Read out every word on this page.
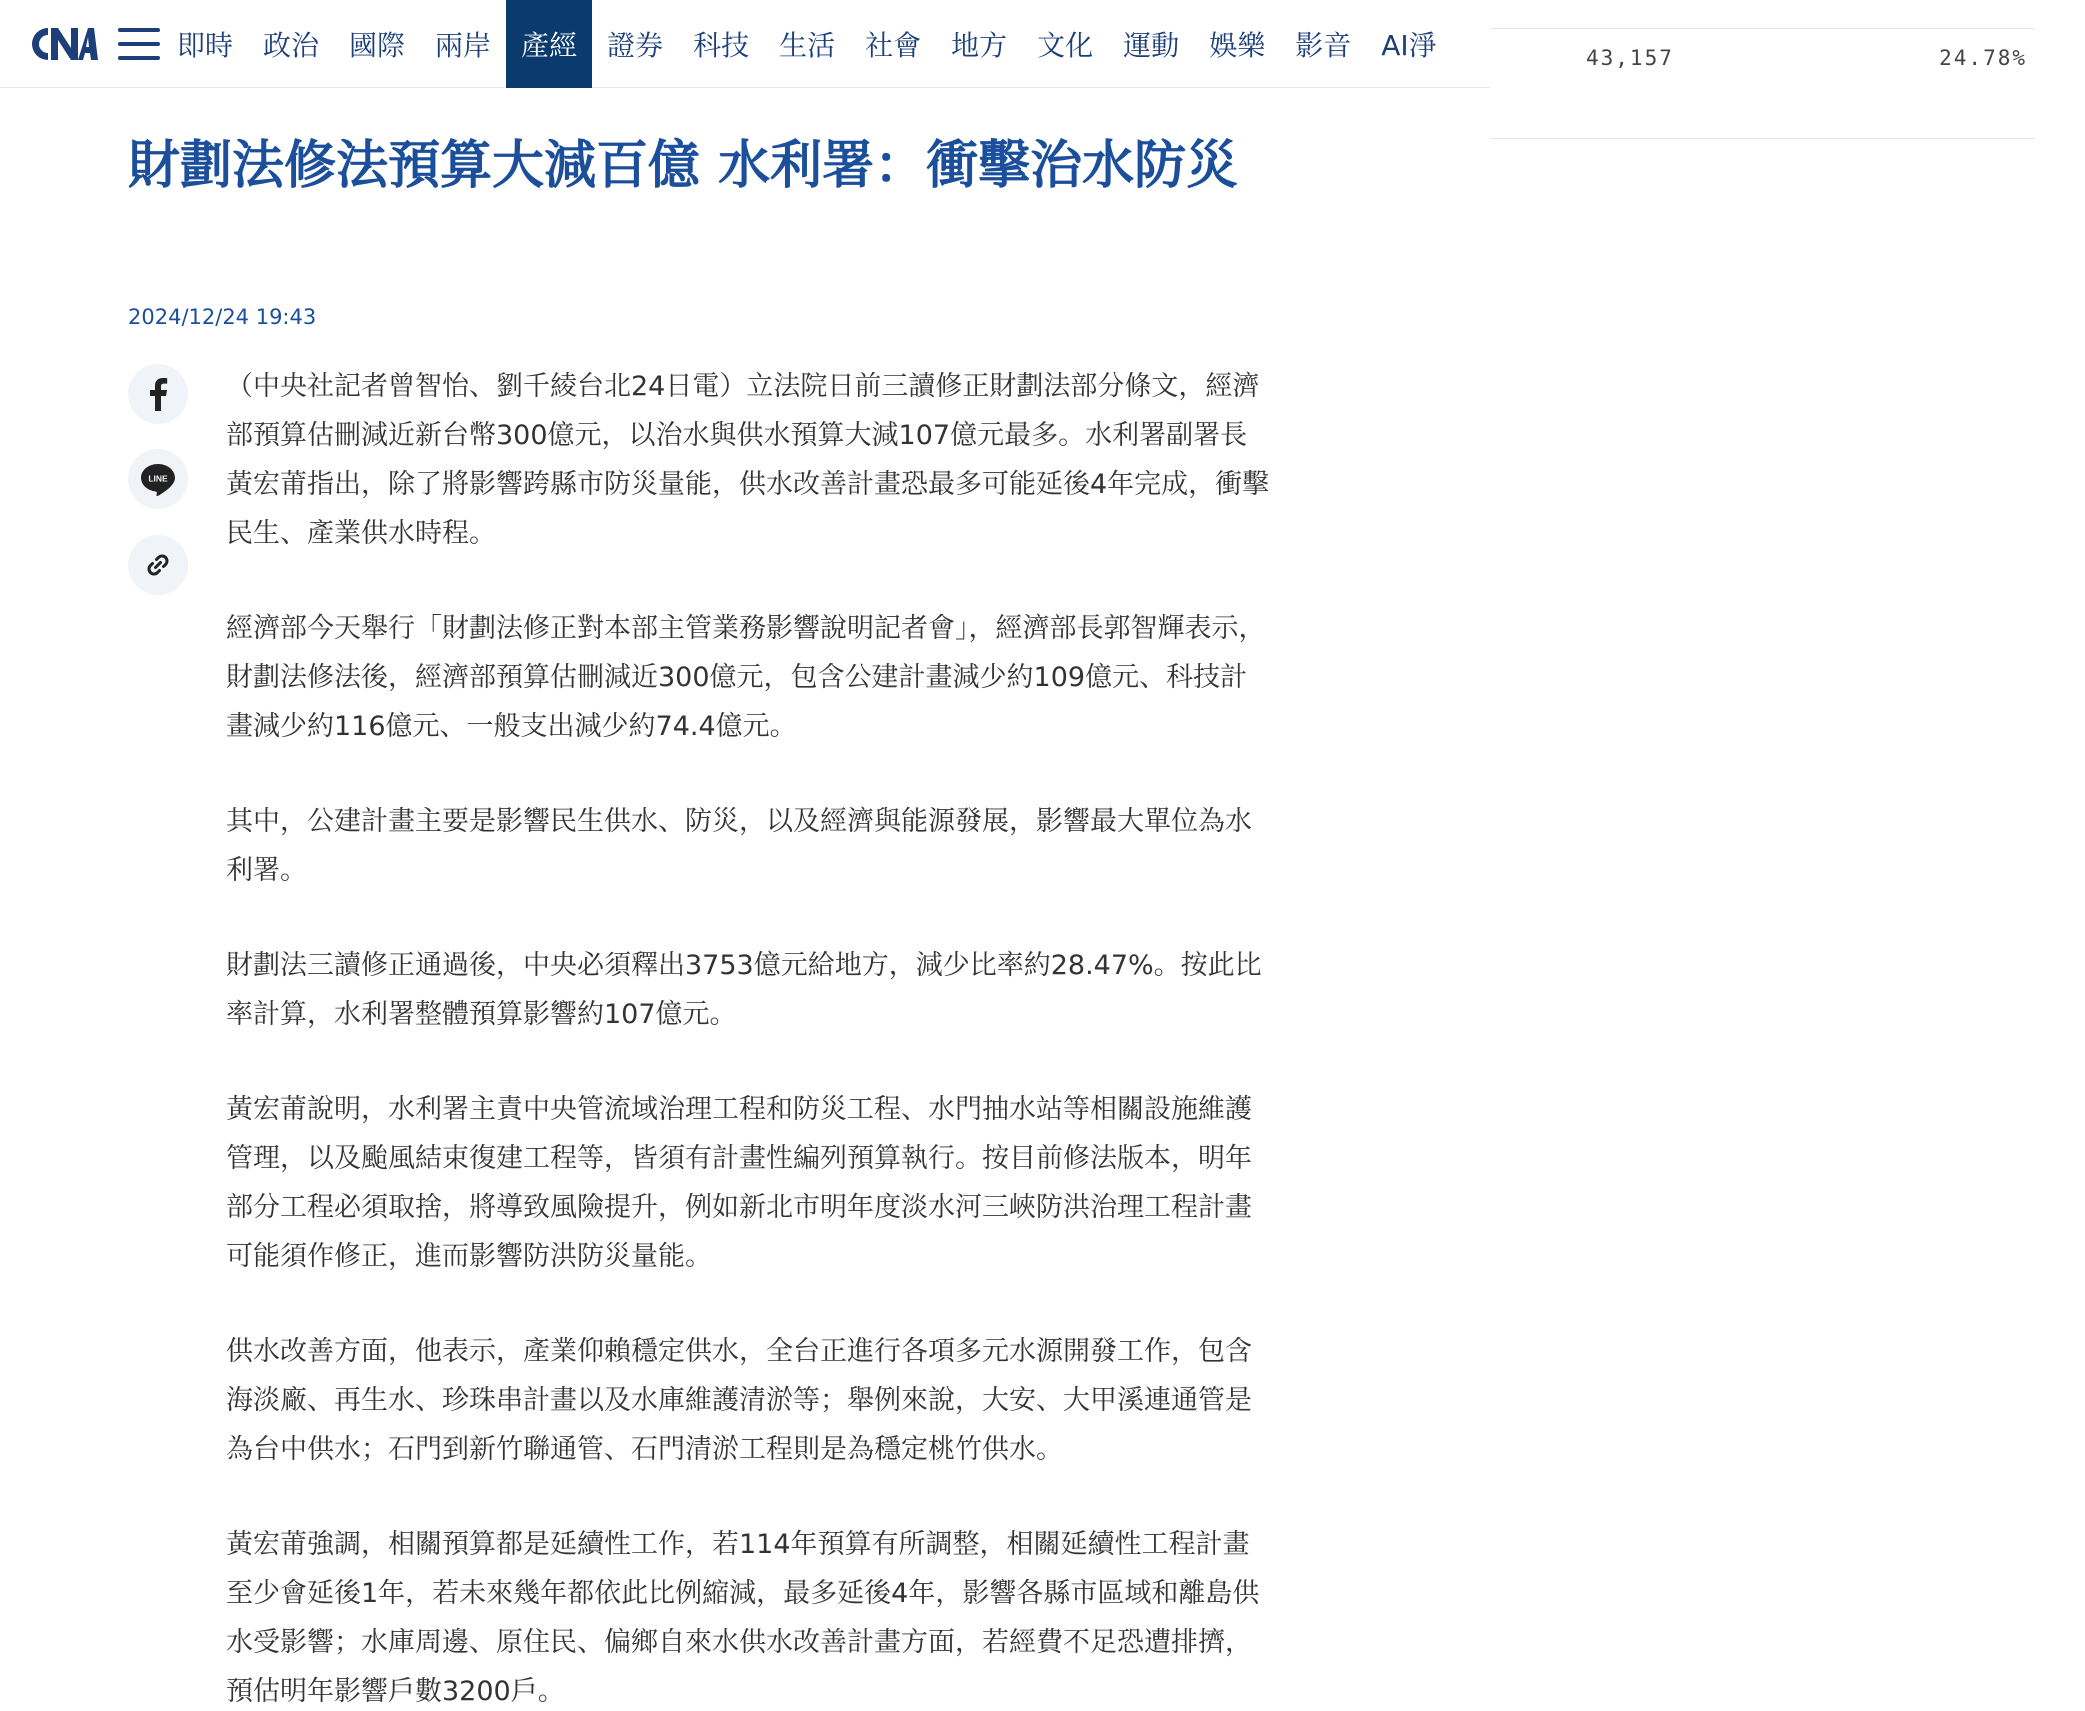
即時	政治	國際	兩岸	產經	證券	科技	生活	社會	地方	文化	運動	娛樂	影音	AI淨	43,157	24.78%
財劃法修法預算大減百億 水利署：衝擊治水防災
2024/12/24 19:43
LINE

（中央社記者曾智怡、劉千綾台北24日電）立法院日前三讀修正財劃法部分條文，經濟部預算估刪減近新台幣300億元，以治水與供水預算大減107億元最多。水利署副署長黃宏莆指出，除了將影響跨縣市防災量能，供水改善計畫恐最多可能延後4年完成，衝擊民生、產業供水時程。

經濟部今天舉行「財劃法修正對本部主管業務影響說明記者會」，經濟部長郭智輝表示，財劃法修法後，經濟部預算估刪減近300億元，包含公建計畫減少約109億元、科技計畫減少約116億元、一般支出減少約74.4億元。

其中，公建計畫主要是影響民生供水、防災，以及經濟與能源發展，影響最大單位為水利署。

財劃法三讀修正通過後，中央必須釋出3753億元給地方，減少比率約28.47%。按此比率計算，水利署整體預算影響約107億元。

黃宏莆說明，水利署主責中央管流域治理工程和防災工程、水門抽水站等相關設施維護管理，以及颱風結束復建工程等，皆須有計畫性編列預算執行。按目前修法版本，明年部分工程必須取捨，將導致風險提升，例如新北市明年度淡水河三峽防洪治理工程計畫可能須作修正，進而影響防洪防災量能。

供水改善方面，他表示，產業仰賴穩定供水，全台正進行各項多元水源開發工作，包含海淡廠、再生水、珍珠串計畫以及水庫維護清淤等；舉例來說，大安、大甲溪連通管是為台中供水；石門到新竹聯通管、石門清淤工程則是為穩定桃竹供水。

黃宏莆強調，相關預算都是延續性工作，若114年預算有所調整，相關延續性工程計畫至少會延後1年，若未來幾年都依此比例縮減，最多延後4年，影響各縣市區域和離島供水受影響；水庫周邊、原住民、偏鄉自來水供水改善計畫方面，若經費不足恐遭排擠，預估明年影響戶數3200戶。
